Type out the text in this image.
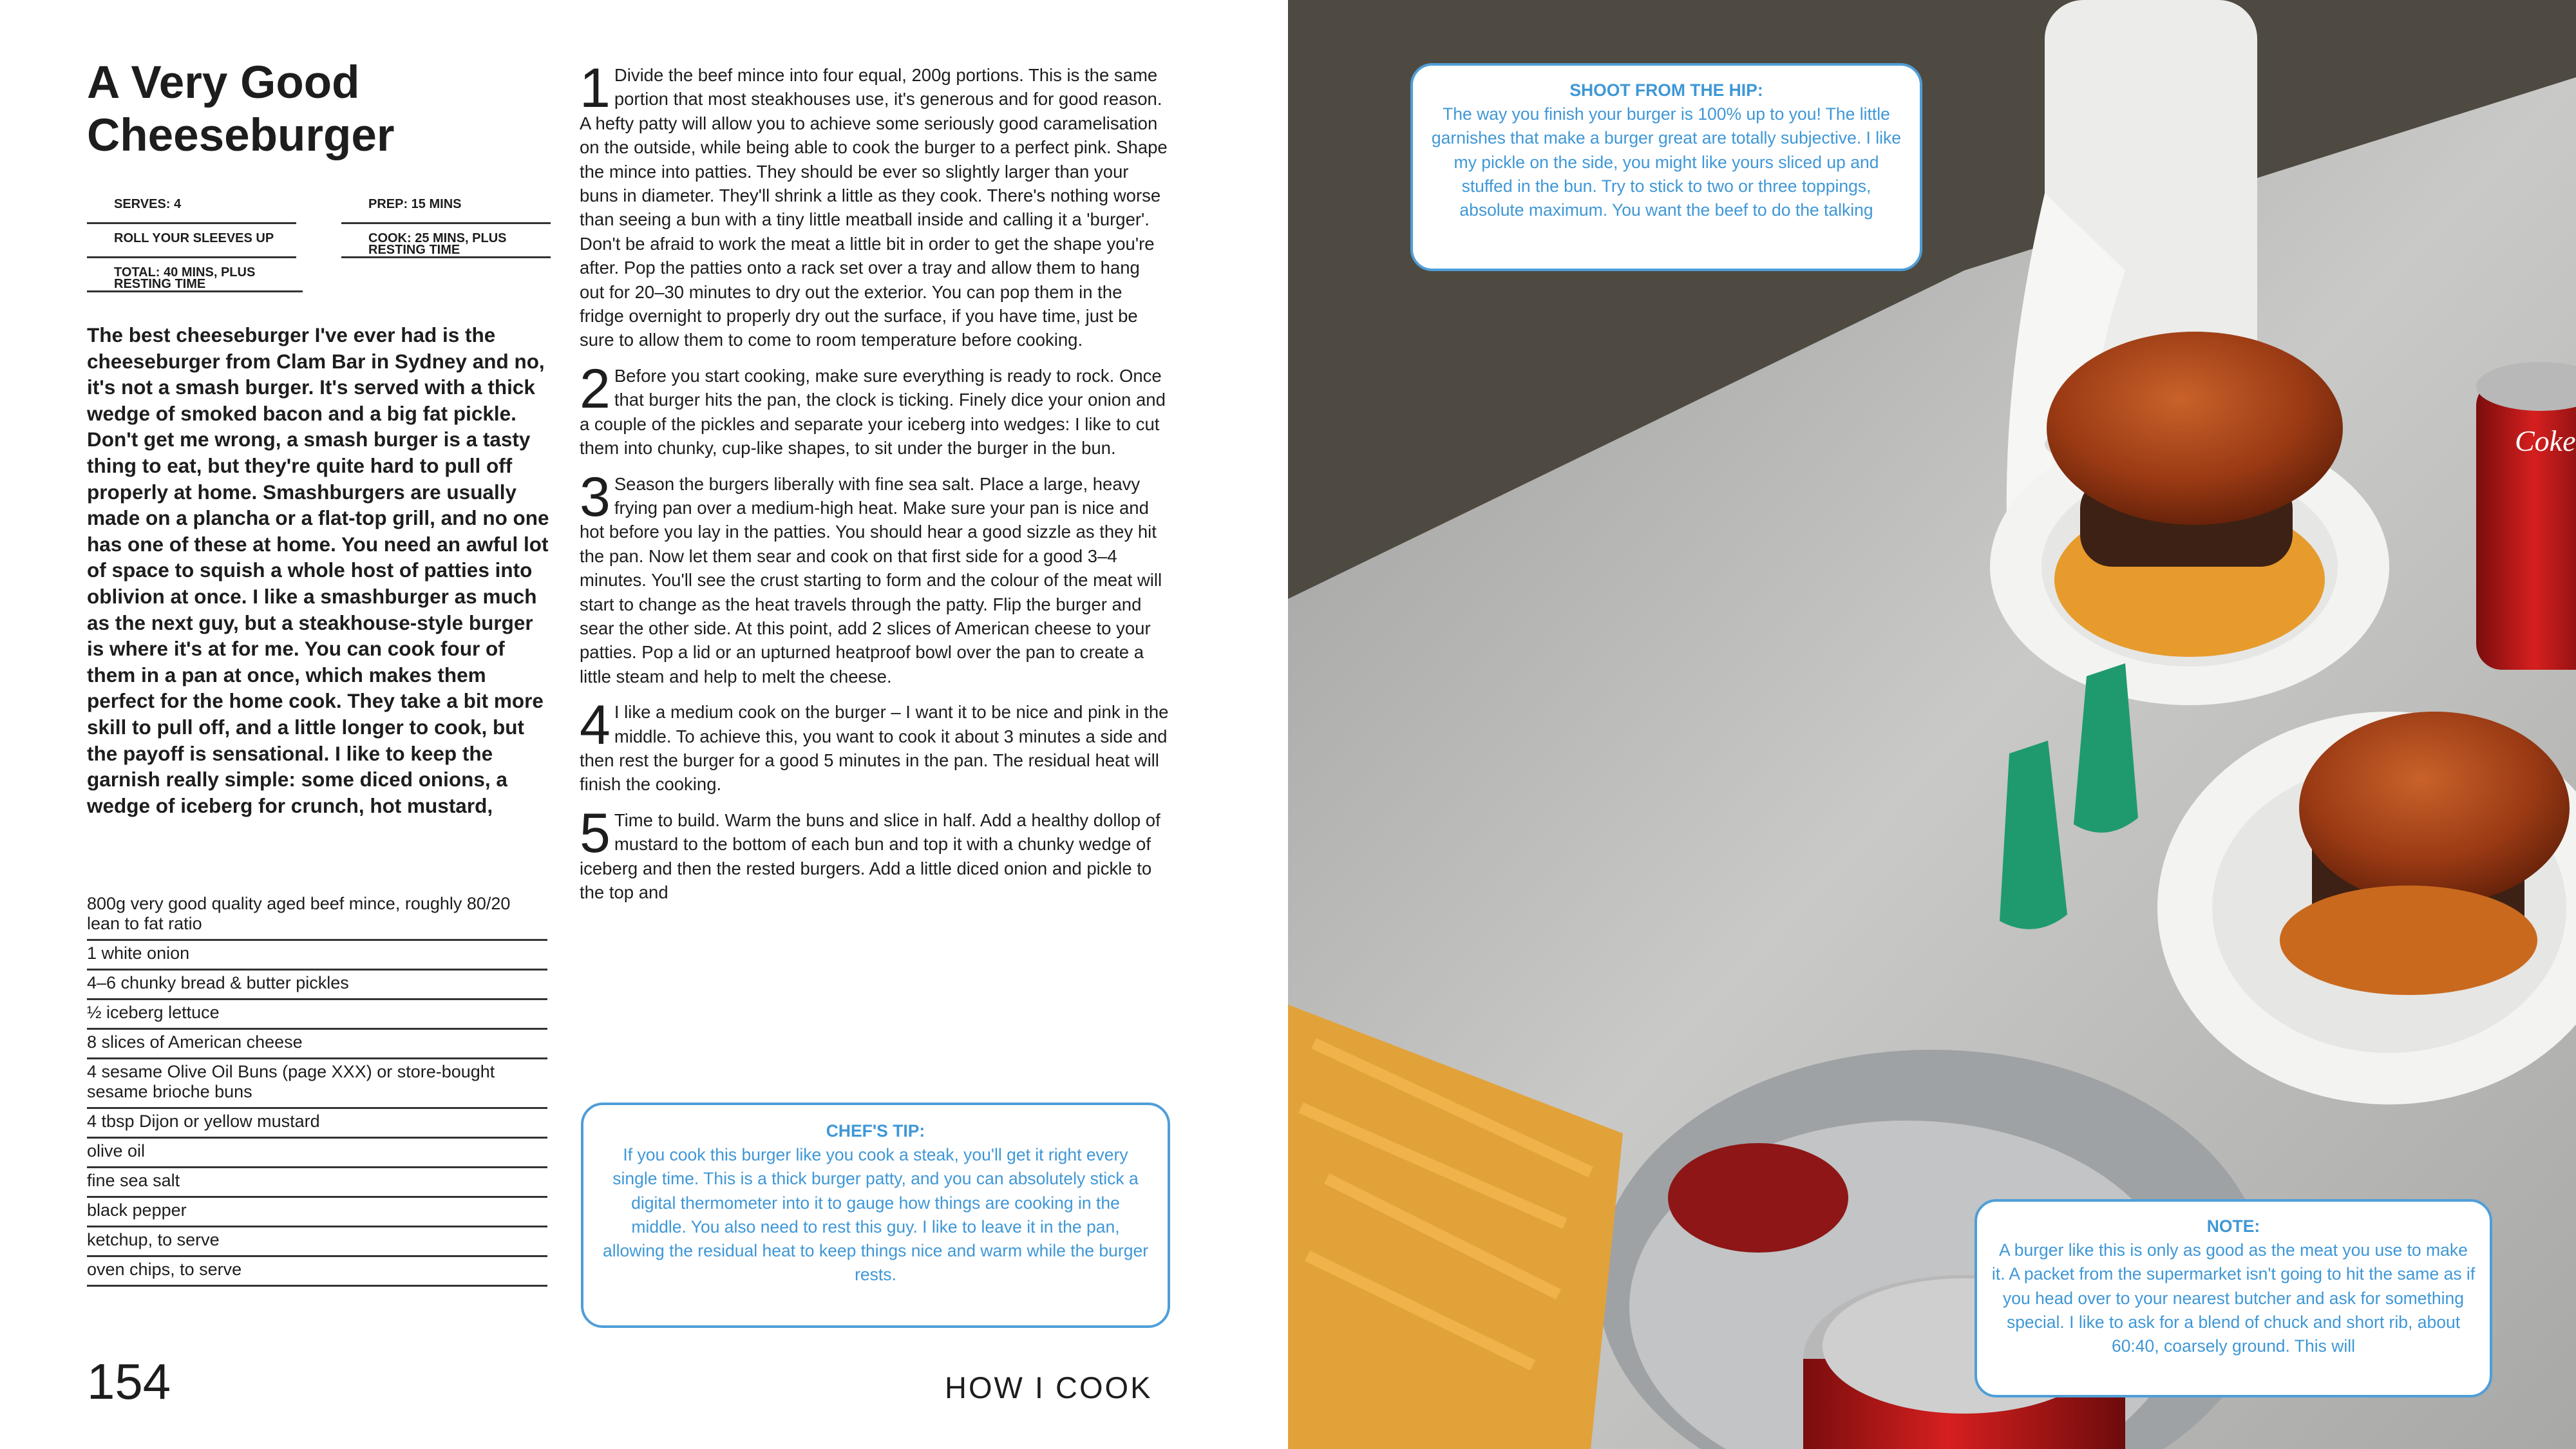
A Very Good Cheeseburger
SERVES: 4	PREP: 15 MINS
ROLL YOUR SLEEVES UP	COOK: 25 MINS, PLUS RESTING TIME
TOTAL: 40 MINS, PLUS RESTING TIME

The best cheeseburger I've ever had is the cheeseburger from Clam Bar in Sydney and no, it's not a smash burger. It's served with a thick wedge of smoked bacon and a big fat pickle. Don't get me wrong, a smash burger is a tasty thing to eat, but they're quite hard to pull off properly at home. Smashburgers are usually made on a plancha or a flat-top grill, and no one has one of these at home. You need an awful lot of space to squish a whole host of patties into oblivion at once. I like a smashburger as much as the next guy, but a steakhouse-style burger is where it's at for me. You can cook four of them in a pan at once, which makes them perfect for the home cook. They take a bit more skill to pull off, and a little longer to cook, but the payoff is sensational. I like to keep the garnish really simple: some diced onions, a wedge of iceberg for crunch, hot mustard,

800g very good quality aged beef mince, roughly 80/20 lean to fat ratio
1 white onion
4–6 chunky bread & butter pickles
½ iceberg lettuce
8 slices of American cheese
4 sesame Olive Oil Buns (page XXX) or store-bought sesame brioche buns
4 tbsp Dijon or yellow mustard
olive oil
fine sea salt
black pepper
ketchup, to serve
oven chips, to serve
154
1 Divide the beef mince into four equal, 200g portions. This is the same portion that most steakhouses use, it's generous and for good reason. A hefty patty will allow you to achieve some seriously good caramelisation on the outside, while being able to cook the burger to a perfect pink. Shape the mince into patties. They should be ever so slightly larger than your buns in diameter. They'll shrink a little as they cook. There's nothing worse than seeing a bun with a tiny little meatball inside and calling it a 'burger'. Don't be afraid to work the meat a little bit in order to get the shape you're after. Pop the patties onto a rack set over a tray and allow them to hang out for 20–30 minutes to dry out the exterior. You can pop them in the fridge overnight to properly dry out the surface, if you have time, just be sure to allow them to come to room temperature before cooking.
2 Before you start cooking, make sure everything is ready to rock. Once that burger hits the pan, the clock is ticking. Finely dice your onion and a couple of the pickles and separate your iceberg into wedges: I like to cut them into chunky, cup-like shapes, to sit under the burger in the bun.
3 Season the burgers liberally with fine sea salt. Place a large, heavy frying pan over a medium-high heat. Make sure your pan is nice and hot before you lay in the patties. You should hear a good sizzle as they hit the pan. Now let them sear and cook on that first side for a good 3–4 minutes. You'll see the crust starting to form and the colour of the meat will start to change as the heat travels through the patty. Flip the burger and sear the other side. At this point, add 2 slices of American cheese to your patties. Pop a lid or an upturned heatproof bowl over the pan to create a little steam and help to melt the cheese.
4 I like a medium cook on the burger – I want it to be nice and pink in the middle. To achieve this, you want to cook it about 3 minutes a side and then rest the burger for a good 5 minutes in the pan. The residual heat will finish the cooking.
5 Time to build. Warm the buns and slice in half. Add a healthy dollop of mustard to the bottom of each bun and top it with a chunky wedge of iceberg and then the rested burgers. Add a little diced onion and pickle to the top and
CHEF'S TIP:
If you cook this burger like you cook a steak, you'll get it right every single time. This is a thick burger patty, and you can absolutely stick a digital thermometer into it to gauge how things are cooking in the middle. You also need to rest this guy. I like to leave it in the pan, allowing the residual heat to keep things nice and warm while the burger rests.
HOW I COOK
Coke
SHOOT FROM THE HIP:
The way you finish your burger is 100% up to you! The little garnishes that make a burger great are totally subjective. I like my pickle on the side, you might like yours sliced up and stuffed in the bun. Try to stick to two or three toppings, absolute maximum. You want the beef to do the talking
NOTE:
A burger like this is only as good as the meat you use to make it. A packet from the supermarket isn't going to hit the same as if you head over to your nearest butcher and ask for something special. I like to ask for a blend of chuck and short rib, about 60:40, coarsely ground. This will
